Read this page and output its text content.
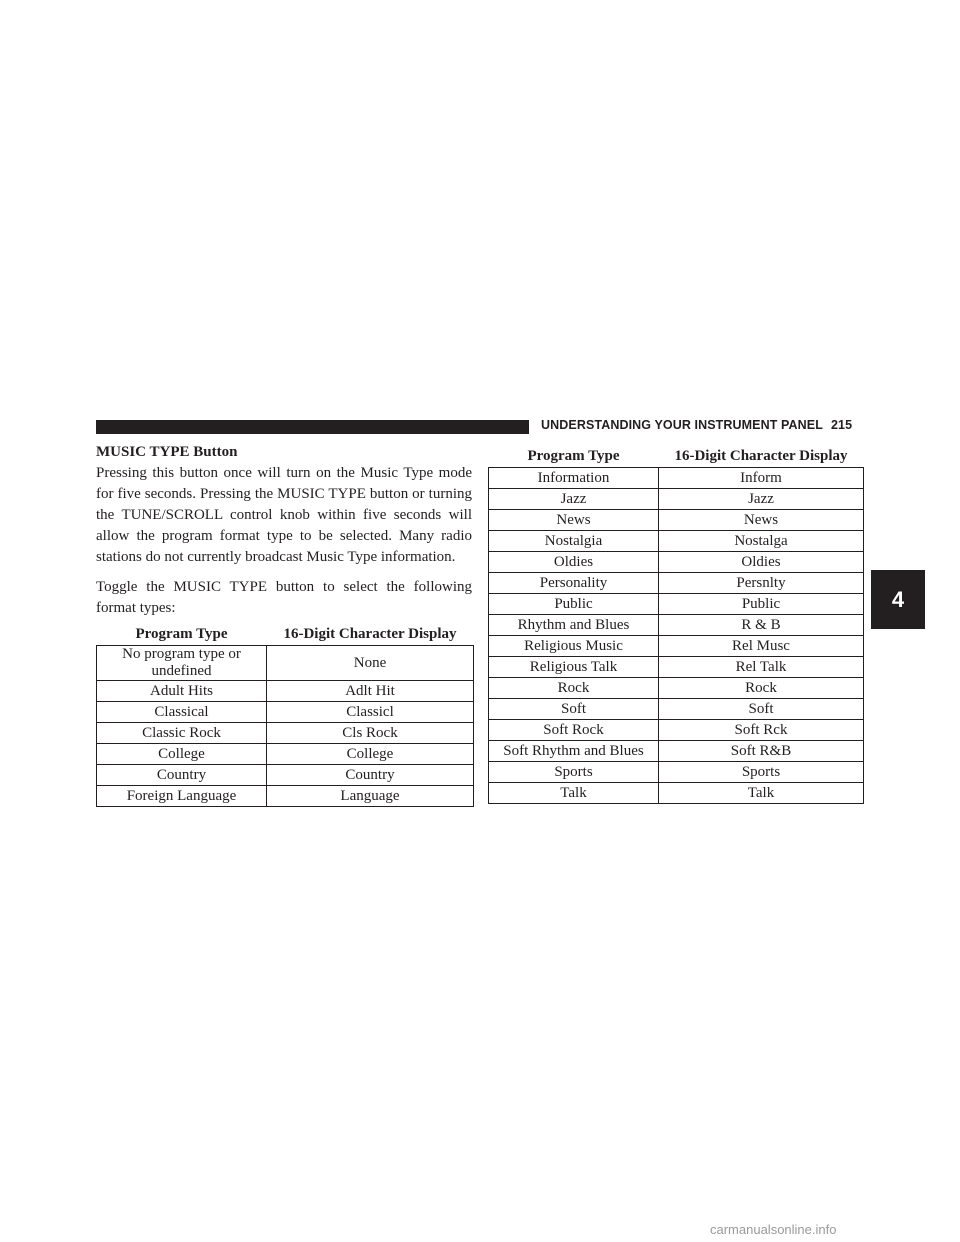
UNDERSTANDING YOUR INSTRUMENT PANEL 215
4

MUSIC TYPE Button

Pressing this button once will turn on the Music Type mode for five seconds. Pressing the MUSIC TYPE button or turning the TUNE/SCROLL control knob within five seconds will allow the program format type to be selected. Many radio stations do not currently broadcast Music Type information.

Toggle the MUSIC TYPE button to select the following format types:

Program Type	16-Digit Character Display
No program type or undefined	None
Adult Hits	Adlt Hit
Classical	Classicl
Classic Rock	Cls Rock
College	College
Country	Country
Foreign Language	Language
Program Type	16-Digit Character Display
Information	Inform
Jazz	Jazz
News	News
Nostalgia	Nostalga
Oldies	Oldies
Personality	Persnlty
Public	Public
Rhythm and Blues	R & B
Religious Music	Rel Musc
Religious Talk	Rel Talk
Rock	Rock
Soft	Soft
Soft Rock	Soft Rck
Soft Rhythm and Blues	Soft R&B
Sports	Sports
Talk	Talk
carmanualsonline.info
